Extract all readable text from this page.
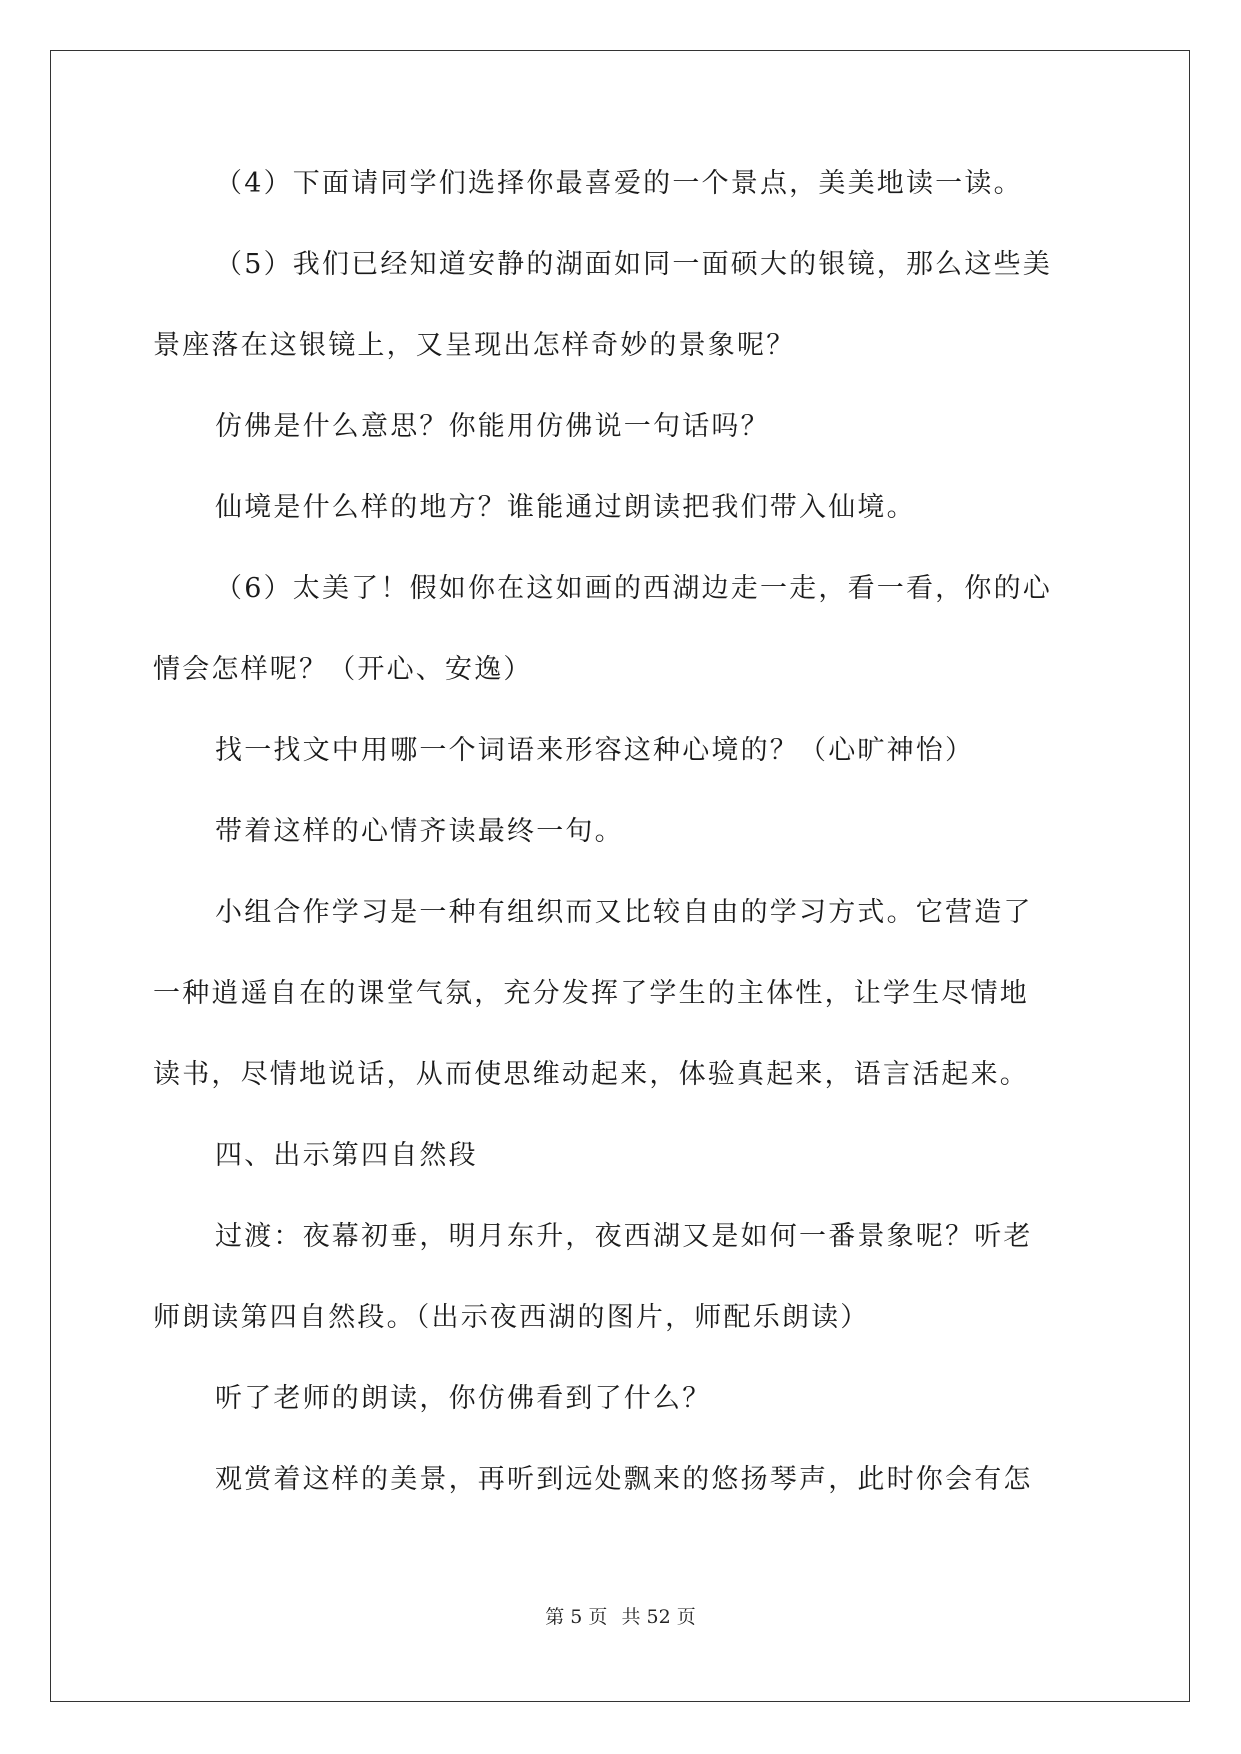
（4）下面请同学们选择你最喜爱的一个景点，美美地读一读。
（5）我们已经知道安静的湖面如同一面硕大的银镜，那么这些美
景座落在这银镜上，又呈现出怎样奇妙的景象呢？
仿佛是什么意思？你能用仿佛说一句话吗？
仙境是什么样的地方？谁能通过朗读把我们带入仙境。
（6）太美了！假如你在这如画的西湖边走一走，看一看，你的心
情会怎样呢？（开心、安逸）
找一找文中用哪一个词语来形容这种心境的？（心旷神怡）
带着这样的心情齐读最终一句。
小组合作学习是一种有组织而又比较自由的学习方式。它营造了
一种逍遥自在的课堂气氛，充分发挥了学生的主体性，让学生尽情地
读书，尽情地说话，从而使思维动起来，体验真起来，语言活起来。
四、出示第四自然段
过渡：夜幕初垂，明月东升，夜西湖又是如何一番景象呢？听老
师朗读第四自然段。（出示夜西湖的图片，师配乐朗读）
听了老师的朗读，你仿佛看到了什么？
观赏着这样的美景，再听到远处飘来的悠扬琴声，此时你会有怎
第 5 页 共 52 页
